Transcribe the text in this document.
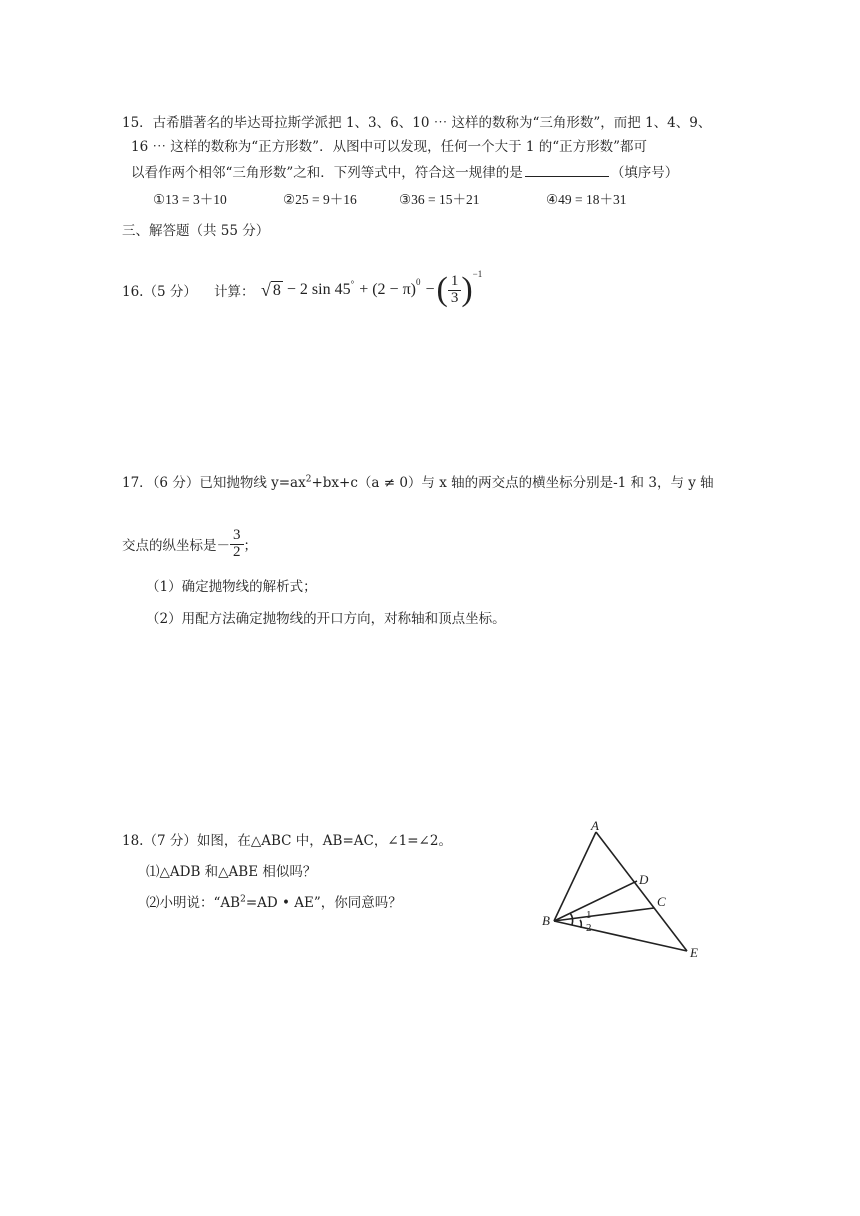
15．古希腊著名的毕达哥拉斯学派把 1、3、6、10 ⋯ 这样的数称为“三角形数”，而把 1、4、9、
16 ⋯ 这样的数称为“正方形数”．从图中可以发现，任何一个大于 1 的“正方形数”都可
以看作两个相邻“三角形数”之和．下列等式中，符合这一规律的是	（填序号）
①13 = 3＋10	②25 = 9＋16	③36 = 15＋21	④49 = 18＋31
三、解答题（共 55 分）
16.（5 分） 计算： √ 8 − 2 $\sin 45^\circ + (2 - \pi)^0$ − ( $\frac{1}{3} )^{-1}$
17．（6 分）已知抛物线 $y=ax^2+bx+c(a \ne 0)$与 x 轴的两交点的横坐标分别是-1 和 3，与 y 轴
交点的纵坐标是－ $\frac{3}{2}$ ；
（1）确定抛物线的解析式；
（2）用配方法确定抛物线的开口方向，对称轴和顶点坐标。
18.（7 分）如图，在△ABC 中，AB=AC，∠1=∠2。
⑴△ADB 和△ABE 相似吗？
⑵小明说：“$AB^2=AD$ • AE”，你同意吗？
A
B
C
D
E
1
2
